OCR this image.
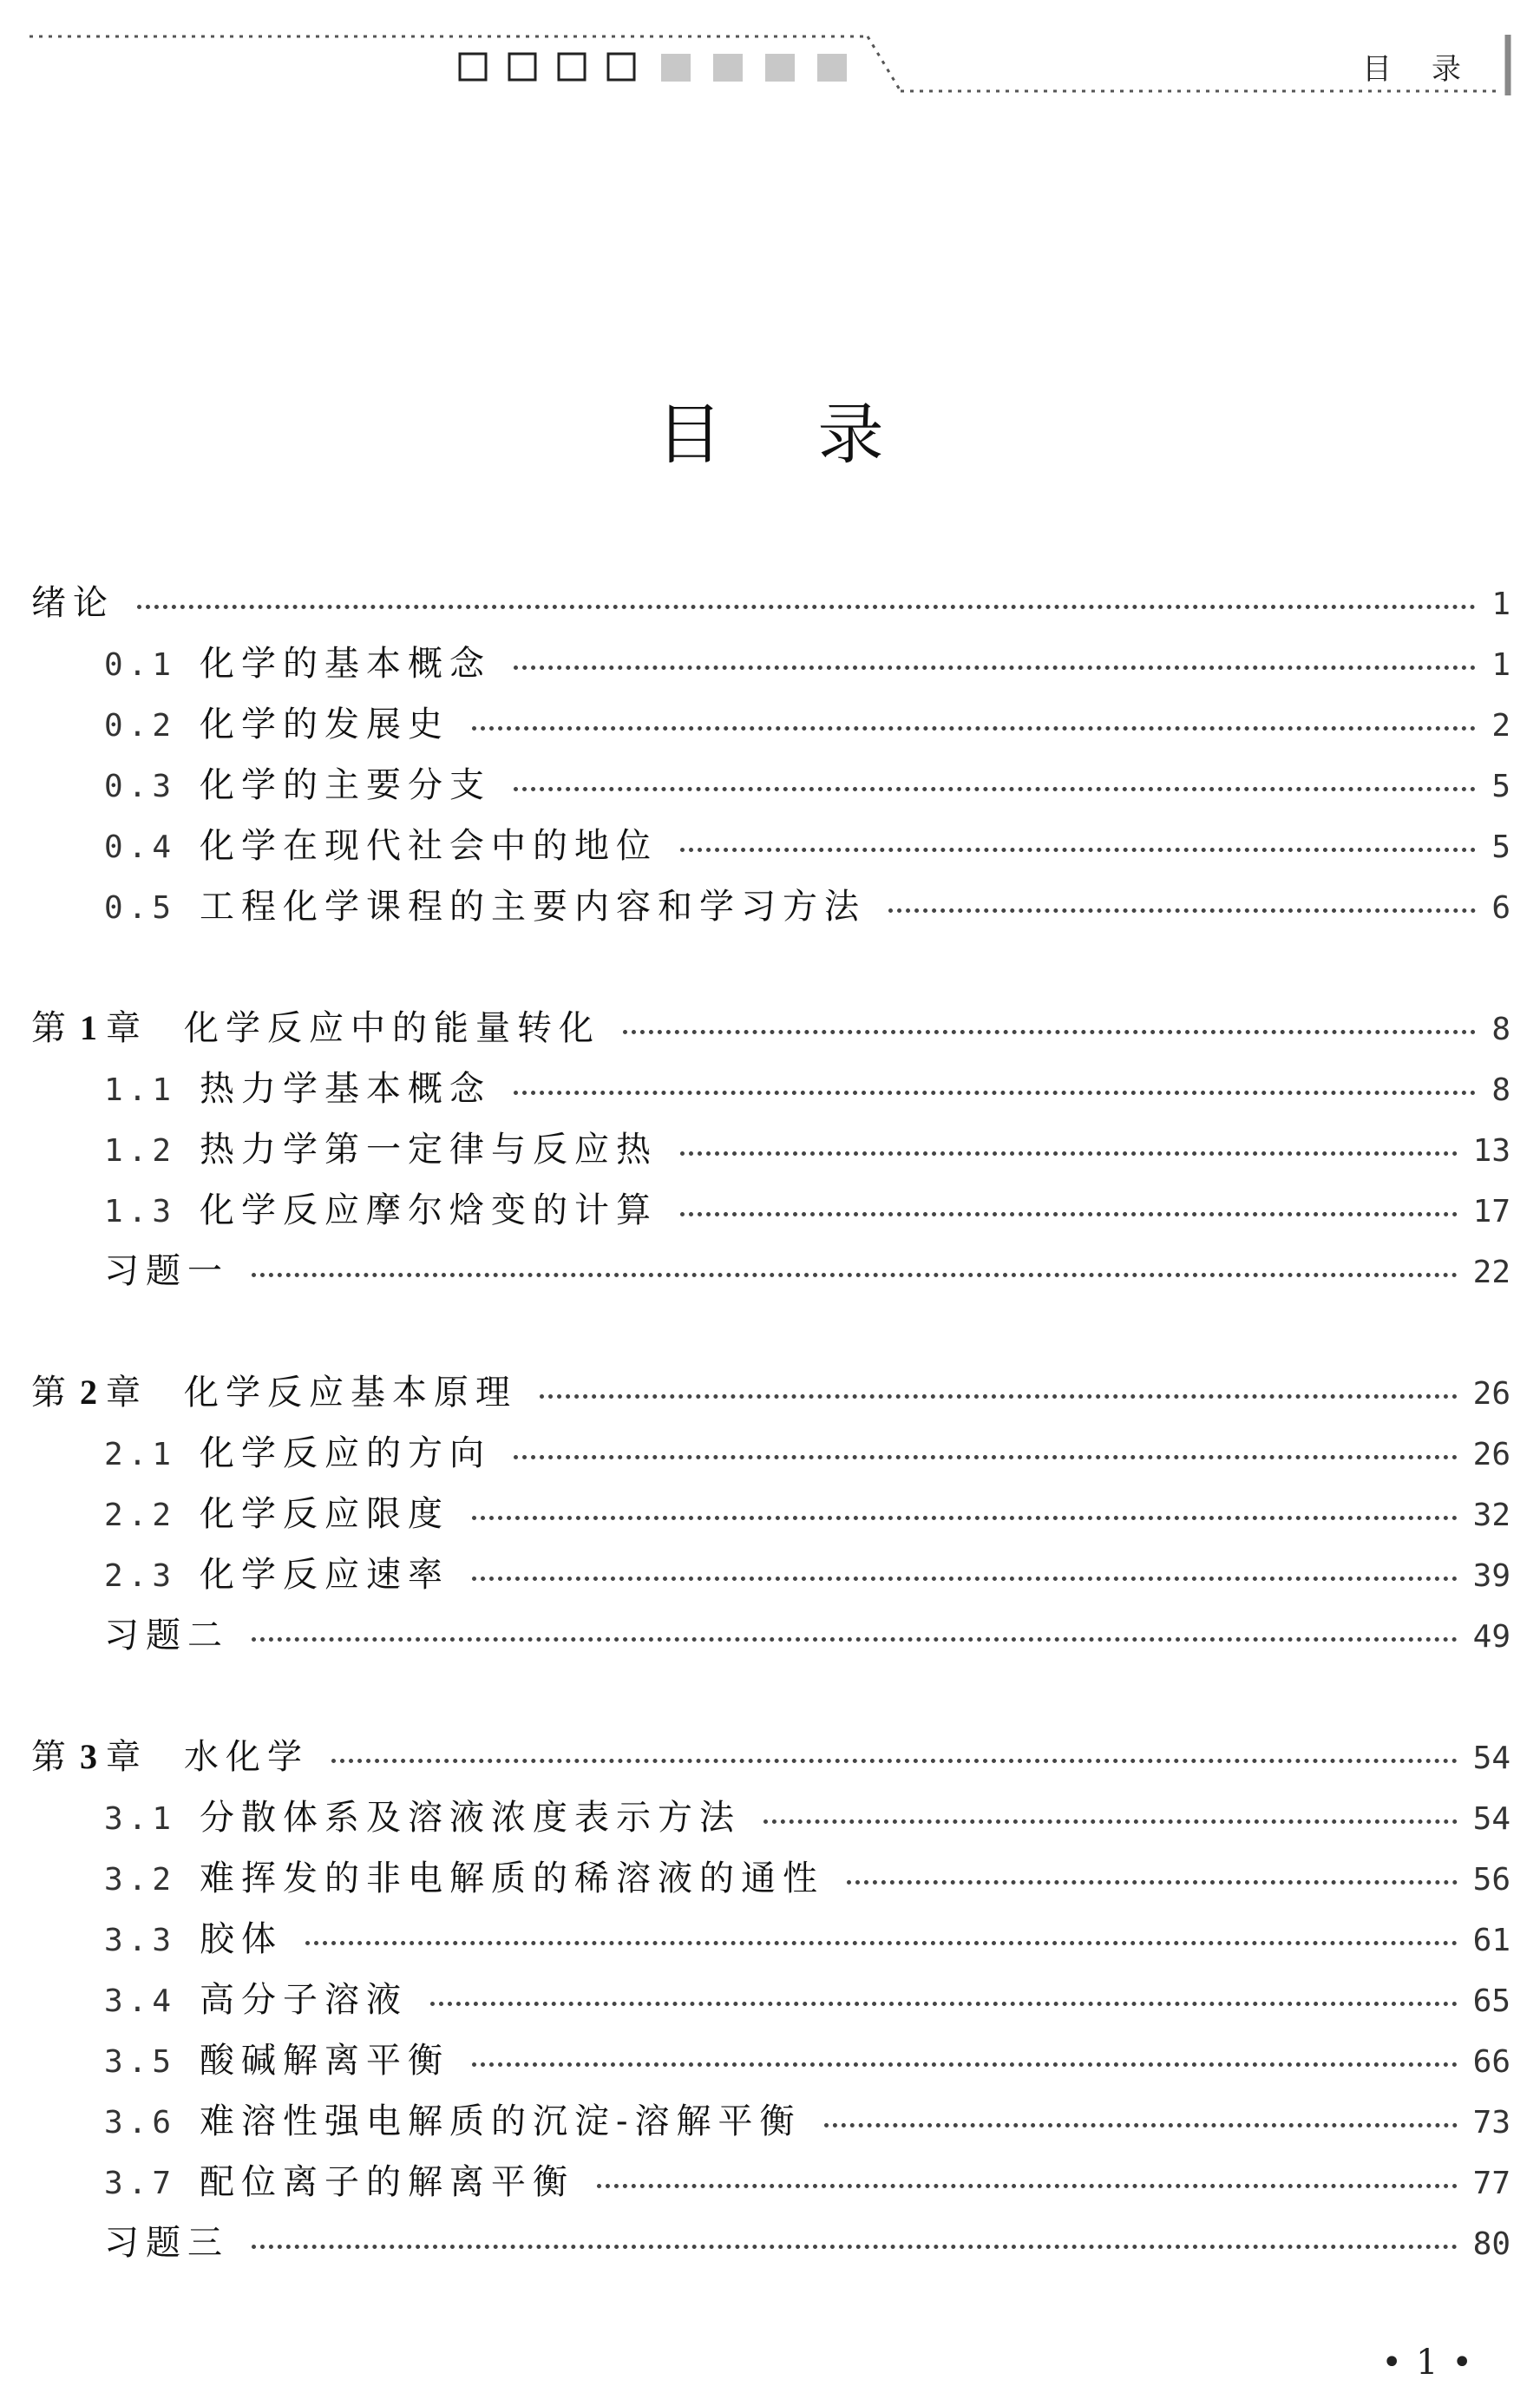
目录
目录
绪论	1
0.1 化学的基本概念	1
0.2 化学的发展史	2
0.3 化学的主要分支	5
0.4 化学在现代社会中的地位	5
0.5 工程化学课程的主要内容和学习方法	6
第 1 章 化学反应中的能量转化	8
1.1 热力学基本概念	8
1.2 热力学第一定律与反应热	13
1.3 化学反应摩尔焓变的计算	17
习题一	22
第 2 章 化学反应基本原理	26
2.1 化学反应的方向	26
2.2 化学反应限度	32
2.3 化学反应速率	39
习题二	49
第 3 章 水化学	54
3.1 分散体系及溶液浓度表示方法	54
3.2 难挥发的非电解质的稀溶液的通性	56
3.3 胶体	61
3.4 高分子溶液	65
3.5 酸碱解离平衡	66
3.6 难溶性强电解质的沉淀-溶解平衡	73
3.7 配位离子的解离平衡	77
习题三	80
• 1 •
